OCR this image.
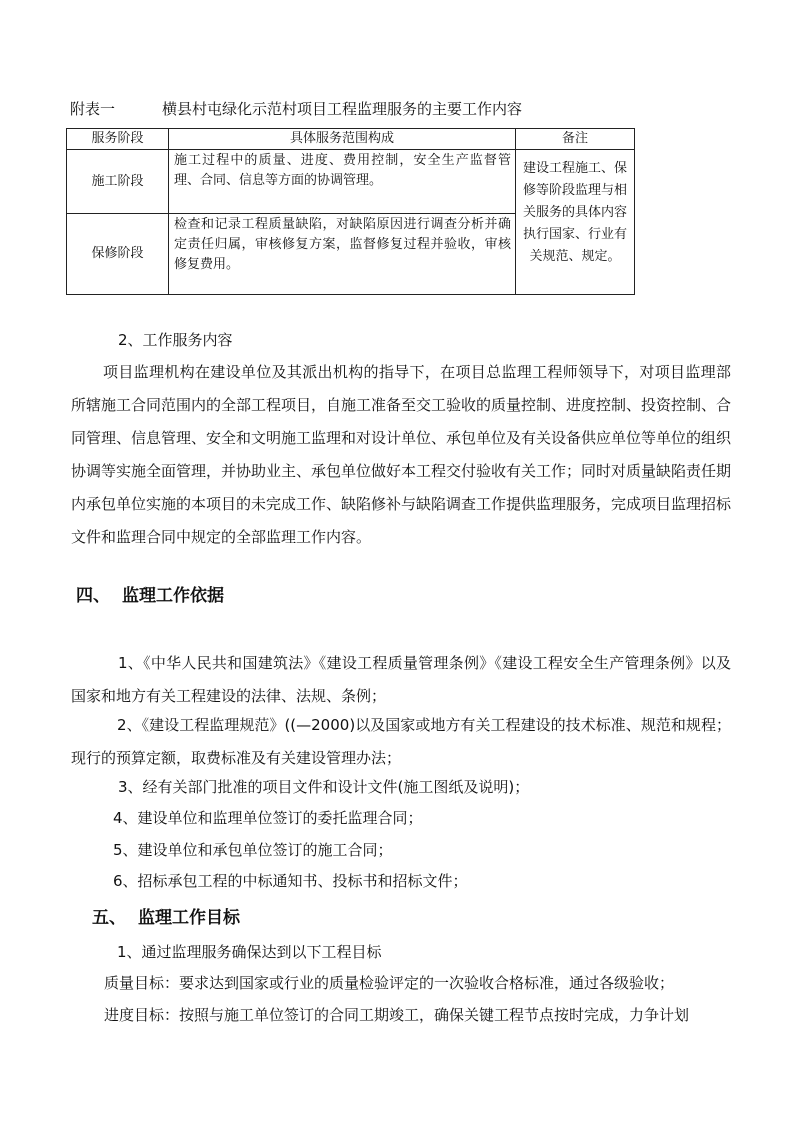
附表一	横县村屯绿化示范村项目工程监理服务的主要工作内容
服务阶段	具体服务范围构成	备注
施工阶段	施工过程中的质量、进度、费用控制，安全生产监督管理、合同、信息等方面的协调管理。	建设工程施工、保修等阶段监理与相关服务的具体内容执行国家、行业有关规范、规定。
保修阶段	检查和记录工程质量缺陷，对缺陷原因进行调查分析并确定责任归属，审核修复方案，监督修复过程并验收，审核修复费用。	
2、工作服务内容
项目监理机构在建设单位及其派出机构的指导下，在项目总监理工程师领导下，对项目监理部所辖施工合同范围内的全部工程项目，自施工准备至交工验收的质量控制、进度控制、投资控制、合同管理、信息管理、安全和文明施工监理和对设计单位、承包单位及有关设备供应单位等单位的组织协调等实施全面管理，并协助业主、承包单位做好本工程交付验收有关工作；同时对质量缺陷责任期内承包单位实施的本项目的未完成工作、缺陷修补与缺陷调查工作提供监理服务，完成项目监理招标文件和监理合同中规定的全部监理工作内容。
四、 监理工作依据
1、《中华人民共和国建筑法》《建设工程质量管理条例》《建设工程安全生产管理条例》以及国家和地方有关工程建设的法律、法规、条例；
2、《建设工程监理规范》((—2000)以及国家或地方有关工程建设的技术标准、规范和规程；现行的预算定额，取费标准及有关建设管理办法；
3、经有关部门批准的项目文件和设计文件(施工图纸及说明)；
4、建设单位和监理单位签订的委托监理合同；
5、建设单位和承包单位签订的施工合同；
6、招标承包工程的中标通知书、投标书和招标文件；
五、 监理工作目标
1、通过监理服务确保达到以下工程目标
质量目标：要求达到国家或行业的质量检验评定的一次验收合格标准，通过各级验收；
进度目标：按照与施工单位签订的合同工期竣工，确保关键工程节点按时完成，力争计划
